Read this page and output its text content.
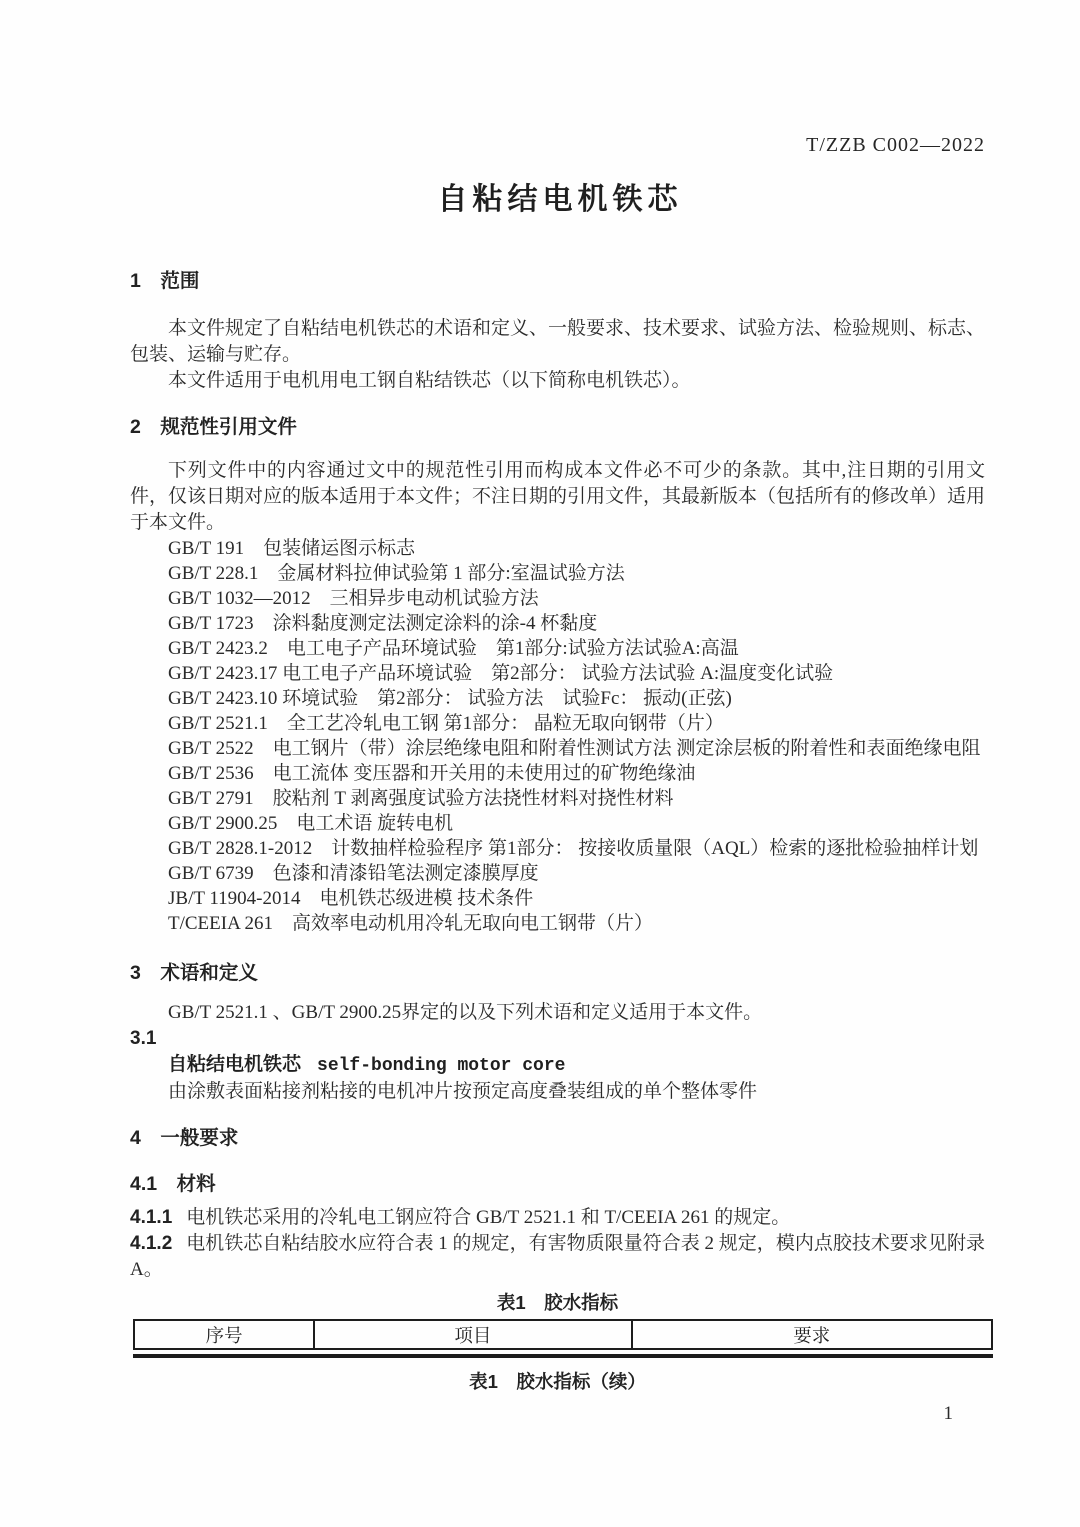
T/ZZB C002—2022
自粘结电机铁芯
1　范围

本文件规定了自粘结电机铁芯的术语和定义、一般要求、技术要求、试验方法、检验规则、标志、包装、运输与贮存。

本文件适用于电机用电工钢自粘结铁芯（以下简称电机铁芯）。

2　规范性引用文件

下列文件中的内容通过文中的规范性引用而构成本文件必不可少的条款。其中,注日期的引用文件，仅该日期对应的版本适用于本文件；不注日期的引用文件，其最新版本（包括所有的修改单）适用于本文件。

GB/T 191　包装储运图示标志
GB/T 228.1　金属材料拉伸试验第 1 部分:室温试验方法
GB/T 1032—2012　三相异步电动机试验方法
GB/T 1723　涂料黏度测定法测定涂料的涂-4 杯黏度
GB/T 2423.2　电工电子产品环境试验　第1部分:试验方法试验A:高温
GB/T 2423.17 电工电子产品环境试验　第2部分： 试验方法试验 A:温度变化试验
GB/T 2423.10 环境试验　第2部分： 试验方法　试验Fc： 振动(正弦)
GB/T 2521.1　全工艺冷轧电工钢 第1部分： 晶粒无取向钢带（片）
GB/T 2522　电工钢片（带）涂层绝缘电阻和附着性测试方法 测定涂层板的附着性和表面绝缘电阻
GB/T 2536　电工流体 变压器和开关用的未使用过的矿物绝缘油
GB/T 2791　胶粘剂 T 剥离强度试验方法挠性材料对挠性材料
GB/T 2900.25　电工术语 旋转电机
GB/T 2828.1-2012　计数抽样检验程序 第1部分： 按接收质量限（AQL）检索的逐批检验抽样计划
GB/T 6739　色漆和清漆铅笔法测定漆膜厚度
JB/T 11904-2014　电机铁芯级进模 技术条件
T/CEEIA 261　高效率电动机用冷轧无取向电工钢带（片）
3　术语和定义

GB/T 2521.1 、GB/T 2900.25界定的以及下列术语和定义适用于本文件。

3.1
自粘结电机铁芯 self-bonding motor core
由涂敷表面粘接剂粘接的电机冲片按预定高度叠装组成的单个整体零件
4　一般要求
4.1　材料

4.1.1 电机铁芯采用的冷轧电工钢应符合 GB/T 2521.1 和 T/CEEIA 261 的规定。

4.1.2 电机铁芯自粘结胶水应符合表 1 的规定，有害物质限量符合表 2 规定，模内点胶技术要求见附录 A。

表1　胶水指标
序号	项目	要求
表1　胶水指标（续）
1
